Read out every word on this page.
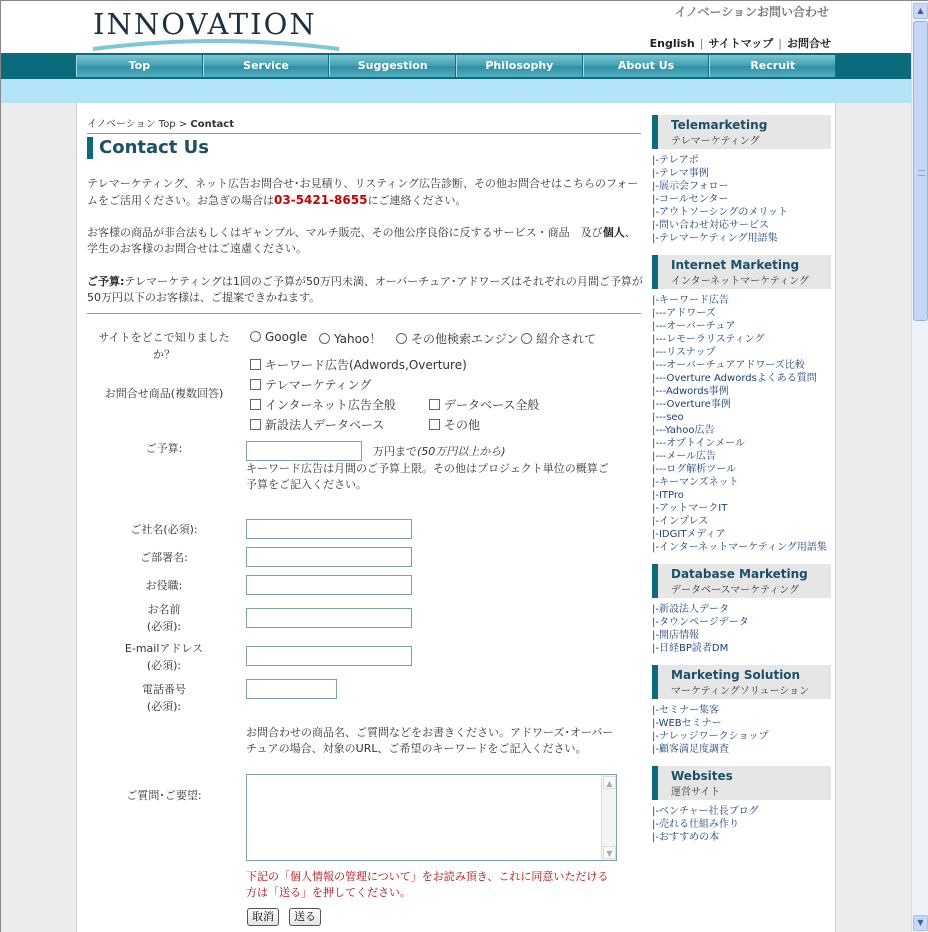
INNOVATION	イノベーションお問い合わせ
English | サイトマップ | お問合せ
Top	Service	Suggestion	Philosophy	About Us	Recruit
イノベーション Top > Contact
Contact Us
テレマーケティング、ネット広告お問合せ･お見積り、リスティング広告診断、その他お問合せはこちらのフォームをご活用ください。お急ぎの場合は03-5421-8655にご連絡ください。
お客様の商品が非合法もしくはギャンブル、マルチ販売、その他公序良俗に反するサービス・商品　及び個人、学生のお客様のお問合せはご遠慮ください。
ご予算:テレマーケティングは1回のご予算が50万円未満、オーバーチュア･アドワーズはそれぞれの月間ご予算が50万円以下のお客様は、ご提案できかねます。
サイトをどこで知りましたか？
Google	Yahoo！	その他検索エンジン	紹介されて
お問合せ商品(複数回答)
キーワード広告(Adwords,Overture)
テレマーケティング
インターネット広告全般	データベース全般
新設法人データベース	その他
ご予算:	万円まで(50万円以上から)
キーワード広告は月間のご予算上限。その他はプロジェクト単位の概算ご予算をご記入ください。
ご社名(必須):
ご部署名:
お役職:
お名前
(必須):
E-mailアドレス
(必須):
電話番号
(必須):
お問合わせの商品名、ご質問などをお書きください。アドワーズ･オーバーチュアの場合、対象のURL、ご希望のキーワードをご記入ください。
ご質問･ご要望:
▲
▼
下記の「個人情報の管理について」をお読み頂き、これに同意いただける方は「送る」を押してください。
取消	送る
Telemarketing
テレマーケティング
|-テレアポ
|-テレマ事例
|-展示会フォロー
|-コールセンター
|-アウトソーシングのメリット
|-問い合わせ対応サービス
|-テレマーケティング用語集
Internet Marketing
インターネットマーケティング
|-キーワード広告
|---アドワーズ
|---オーバーチュア
|---レモーラリスティング
|---リスナップ
|---オーバーチュアアドワーズ比較
|---Overture Adwordsよくある質問
|---Adwords事例
|---Overture事例
|---seo
|---Yahoo広告
|---オプトインメール
|---メール広告
|---ログ解析ツール
|-キーマンズネット
|-ITPro
|-アットマークIT
|-インプレス
|-IDGITメディア
|-インターネットマーケティング用語集
Database Marketing
データベースマーケティング
|-新設法人データ
|-タウンページデータ
|-開店情報
|-日経BP読者DM
Marketing Solution
マーケティングソリューション
|-セミナー集客
|-WEBセミナー
|-ナレッジワークショップ
|-顧客満足度調査
Websites
運営サイト
|-ベンチャー社長ブログ
|-売れる仕組み作り
|-おすすめの本
▲
▼
